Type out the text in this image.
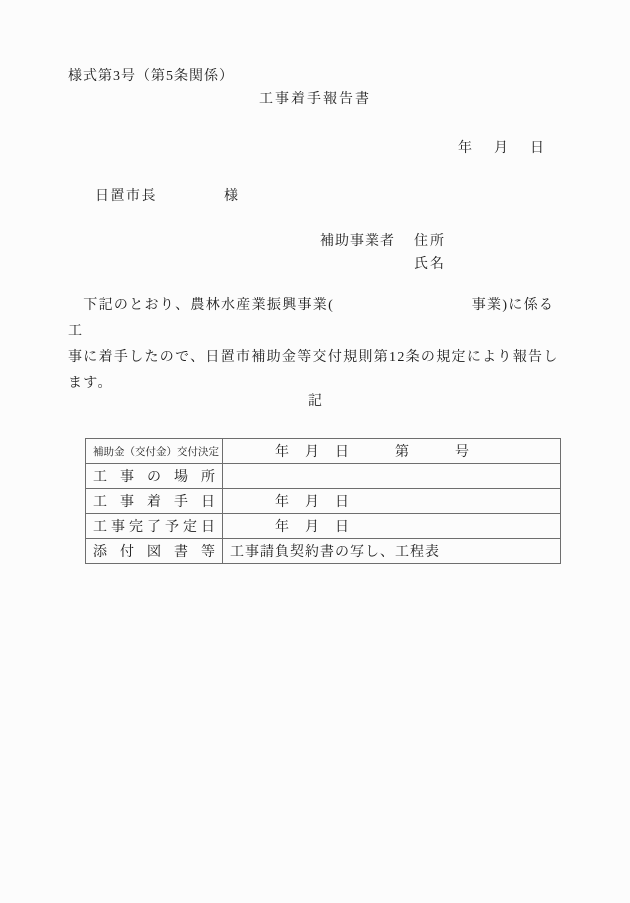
様式第3号（第5条関係）
工事着手報告書
年　月　日
日置市長	様
補助事業者 住所
氏名
　下記のとおり、農林水産業振興事業(　　　　　　　　　事業)に係る工
事に着手したので、日置市補助金等交付規則第12条の規定により報告し
ます。
記
補助金（交付金）交付決定	　　　年　月　日　　　第　　　号
工事の場所	
工事着手日	　　　年　月　日
工事完了予定日	　　　年　月　日
添付図書等	工事請負契約書の写し、工程表
